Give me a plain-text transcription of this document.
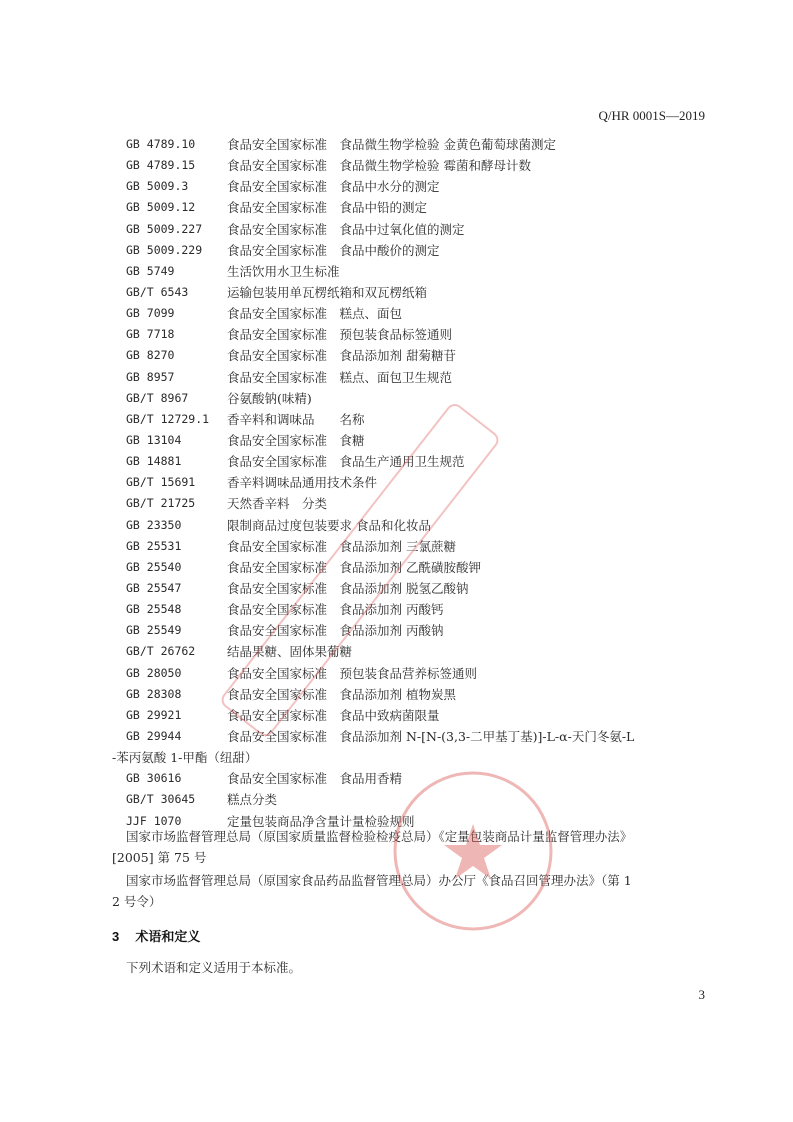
Q/HR 0001S—2019
GB 4789.10	食品安全国家标准　食品微生物学检验 金黄色葡萄球菌测定
GB 4789.15	食品安全国家标准　食品微生物学检验 霉菌和酵母计数
GB 5009.3	食品安全国家标准　食品中水分的测定
GB 5009.12	食品安全国家标准　食品中铅的测定
GB 5009.227	食品安全国家标准　食品中过氧化值的测定
GB 5009.229	食品安全国家标准　食品中酸价的测定
GB 5749	生活饮用水卫生标准
GB/T 6543	运输包装用单瓦楞纸箱和双瓦楞纸箱
GB 7099	食品安全国家标准　糕点、面包
GB 7718	食品安全国家标准　预包装食品标签通则
GB 8270	食品安全国家标准　食品添加剂 甜菊糖苷
GB 8957	食品安全国家标准　糕点、面包卫生规范
GB/T 8967	谷氨酸钠(味精)
GB/T 12729.1	香辛料和调味品　　名称
GB 13104	食品安全国家标准　食糖
GB 14881	食品安全国家标准　食品生产通用卫生规范
GB/T 15691	香辛料调味品通用技术条件
GB/T 21725	天然香辛料　分类
GB 23350	限制商品过度包装要求 食品和化妆品
GB 25531	食品安全国家标准　食品添加剂 三氯蔗糖
GB 25540	食品安全国家标准　食品添加剂 乙酰磺胺酸钾
GB 25547	食品安全国家标准　食品添加剂 脱氢乙酸钠
GB 25548	食品安全国家标准　食品添加剂 丙酸钙
GB 25549	食品安全国家标准　食品添加剂 丙酸钠
GB/T 26762	结晶果糖、固体果葡糖
GB 28050	食品安全国家标准　预包装食品营养标签通则
GB 28308	食品安全国家标准　食品添加剂 植物炭黑
GB 29921	食品安全国家标准　食品中致病菌限量
GB 29944	食品安全国家标准　食品添加剂 N-[N-(3,3-二甲基丁基)]-L-α-天门冬氨-L
-苯丙氨酸 1-甲酯（纽甜）
GB 30616	食品安全国家标准　食品用香精
GB/T 30645	糕点分类
JJF 1070	定量包装商品净含量计量检验规则
国家市场监督管理总局（原国家质量监督检验检疫总局）《定量包装商品计量监督管理办法》
[2005] 第 75 号
国家市场监督管理总局（原国家食品药品监督管理总局）办公厅《食品召回管理办法》（第 1
2 号令）
3 术语和定义
下列术语和定义适用于本标准。
3
